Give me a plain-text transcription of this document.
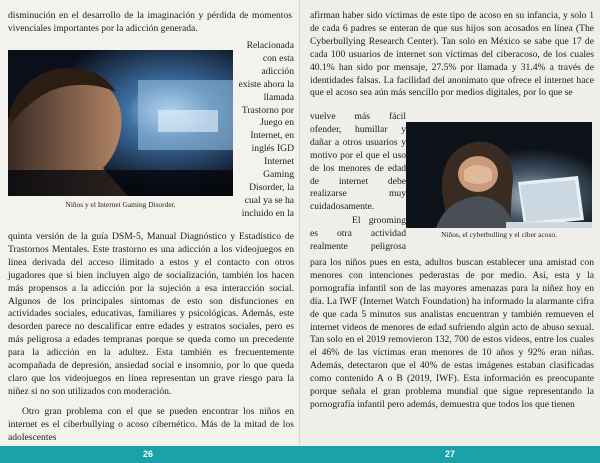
disminución en el desarrollo de la imaginación y pérdida de momentos vivenciales importantes por la adicción generada.

Niños y el Internet Gaming Disorder.

Relacionada con esta adicción existe ahora la llamada Trastorno por Juego en Internet, en inglés IGD Internet Gaming Disorder, la cual ya se ha incluido en la

quinta versión de la guía DSM-5, Manual Diagnóstico y Estadístico de Trastornos Mentales. Este trastorno es una adicción a los videojuegos en línea derivada del acceso ilimitado a estos y el contacto con otros jugadores que si bien incluyen algo de socialización, también los hacen más propensos a la adicción por la sujeción a esa interacción social. Algunos de los principales síntomas de esto son disfunciones en actividades sociales, educativas, familiares y psicológicas. Además, este desorden parece no descalificar entre edades y estratos sociales, pero es más peligrosa a edades tempranas porque se queda como un precedente para la adicción en la adultez. Esta también es frecuentemente acompañada de depresión, ansiedad social e insomnio, por lo que queda claro que los videojuegos en línea representan un grave riesgo para la niñez si no son utilizados con moderación.

Otro gran problema con el que se pueden encontrar los niños en internet es el ciberbullying o acoso cibernético. Más de la mitad de los adolescentes

afirman haber sido víctimas de este tipo de acoso en su infancia, y solo 1 de cada 6 padres se enteran de que sus hijos son acosados en línea (The Cyberbullying Research Center). Tan solo en México se sabe que 17 de cada 100 usuarios de internet son víctimas del ciberacoso, de los cuales 40.1% han sido por mensaje, 27.5% por llamada y 31.4% a través de identidades falsas. La facilidad del anonimato que ofrece el internet hace que el acoso sea aún más sencillo por medios digitales, por lo que se

vuelve más fácil ofender, humillar y dañar a otros usuarios y motivo por el que el uso de los menores de edad de internet debe realizarse muy cuidadosamente.

El grooming es otra actividad realmente peligrosa

Niños, el cyberbulling y el ciber acoso.

para los niños pues en esta, adultos buscan establecer una amistad con menores con intenciones pederastas de por medio. Así, esta y la pornografía infantil son de las mayores amenazas para la niñez hoy en día. La IWF (Internet Watch Foundation) ha informado la alarmante cifra de que cada 5 minutos sus analistas encuentran y también remueven el internet videos de menores de edad sufriendo algún acto de abuso sexual. Tan solo en el 2019 removieron 132, 700 de estos videos, entre los cuales el 46% de las víctimas eran menores de 10 años y 92% eran niñas. Además, detectaron que el 40% de estas imágenes estaban clasificadas como contenido A o B (2019, IWF). Esta información es preocupante porque señala el gran problema mundial que sigue representando la pornografía infantil pero además, demuestra que todos los que tienen

26	27
